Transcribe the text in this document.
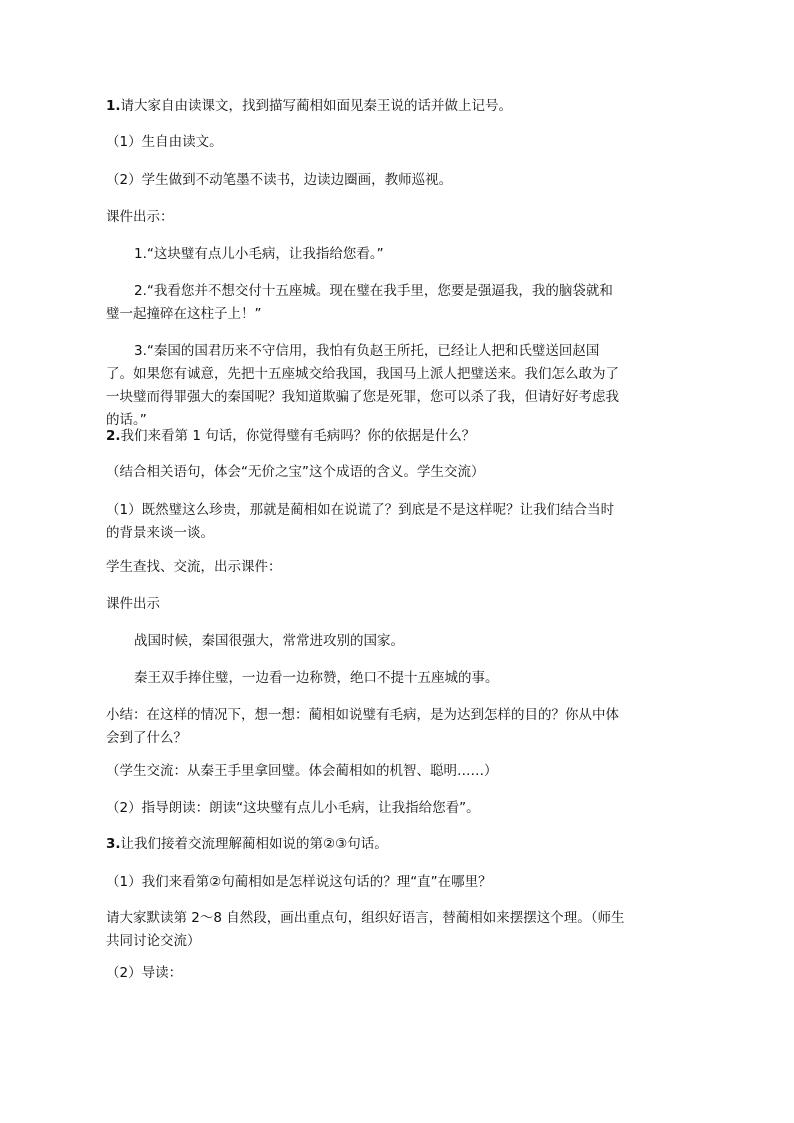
1.请大家自由读课文，找到描写蔺相如面见秦王说的话并做上记号。

（1）生自由读文。

（2）学生做到不动笔墨不读书，边读边圈画，教师巡视。

课件出示：

1.“这块璧有点儿小毛病，让我指给您看。”

2.“我看您并不想交付十五座城。现在璧在我手里，您要是强逼我，我的脑袋就和璧一起撞碎在这柱子上！”

3.“秦国的国君历来不守信用，我怕有负赵王所托，已经让人把和氏璧送回赵国了。如果您有诚意，先把十五座城交给我国，我国马上派人把璧送来。我们怎么敢为了一块璧而得罪强大的秦国呢？我知道欺骗了您是死罪，您可以杀了我，但请好好考虑我的话。”

2.我们来看第 1 句话，你觉得璧有毛病吗？你的依据是什么？

（结合相关语句，体会“无价之宝”这个成语的含义。学生交流）

（1）既然璧这么珍贵，那就是蔺相如在说谎了？到底是不是这样呢？让我们结合当时的背景来谈一谈。

学生查找、交流，出示课件：

课件出示

战国时候，秦国很强大，常常进攻别的国家。

秦王双手捧住璧，一边看一边称赞，绝口不提十五座城的事。

小结：在这样的情况下，想一想：蔺相如说璧有毛病，是为达到怎样的目的？你从中体会到了什么？

（学生交流：从秦王手里拿回璧。体会蔺相如的机智、聪明……）

（2）指导朗读：朗读“这块璧有点儿小毛病，让我指给您看”。

3.让我们接着交流理解蔺相如说的第②③句话。

（1）我们来看第②句蔺相如是怎样说这句话的？理“直”在哪里？

请大家默读第 2～8 自然段，画出重点句，组织好语言，替蔺相如来摆摆这个理。（师生共同讨论交流）

（2）导读：
